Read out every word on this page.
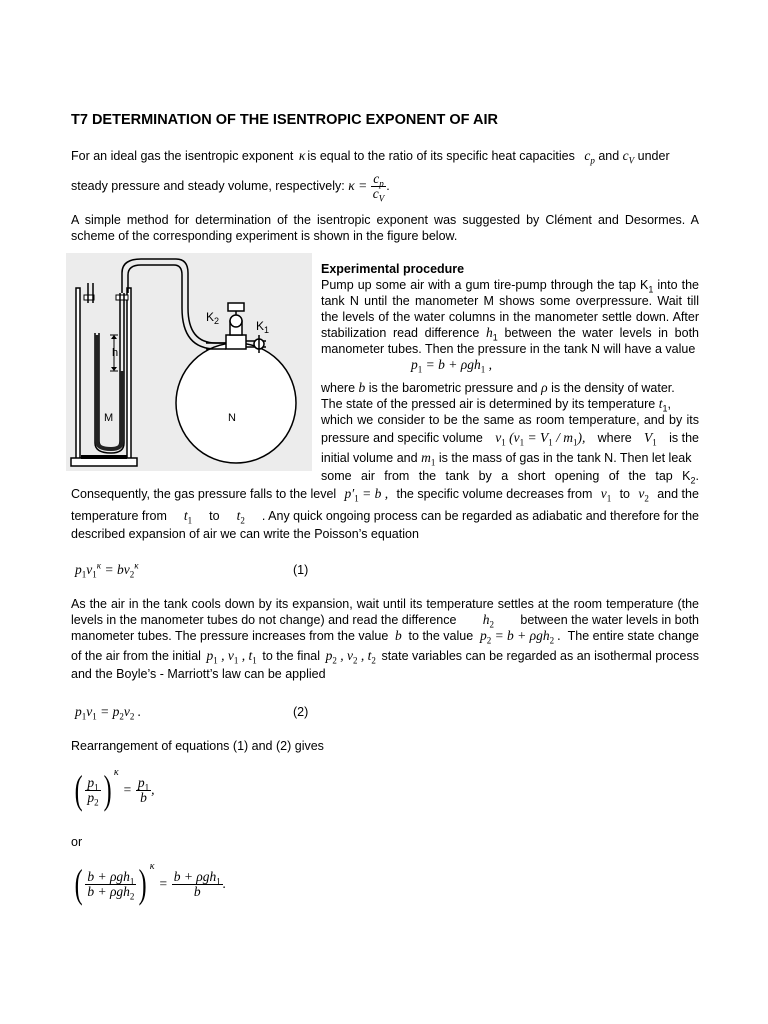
T7 DETERMINATION OF THE ISENTROPIC EXPONENT OF AIR
For an ideal gas the isentropic exponent κ is equal to the ratio of its specific heat capacities $c_p$ and $c_V$ under
steady pressure and steady volume, respectively: $\kappa = \frac{c_p}{c_V}$ .
A simple method for determination of the isentropic exponent was suggested by Clément and Desormes. A
scheme of the corresponding experiment is shown in the figure below.
$K_2$	$K_1$
h
M	N
Experimental procedure
Pump up some air with a gum tire-pump through the tap $K_1$ into the
tank N until the manometer M shows some overpressure. Wait till
the levels of the water columns in the manometer settle down. After
stabilization read difference $h_1$ between the water levels in both
manometer tubes. Then the pressure in the tank N will have a value
$p_1 = b + \rho gh_1$ ,
where b is the barometric pressure and ρ is the density of water.
The state of the pressed air is determined by its temperature $t_1$,
which we consider to be the same as room temperature, and by its
pressure and specific volume $v_1$ $(v_1 = V_1 / m_1)$, where $V_1$ is the
initial volume and $m_1$ is the mass of gas in the tank N. Then let leak
some air from the tank by a short opening of the tap $K_2$.
Consequently, the gas pressure falls to the level $p'_1 = b$ , the specific volume decreases from $v_1$ to $v_2$ and the
temperature from $t_1$ to $t_2$ . Any quick ongoing process can be regarded as adiabatic and therefore for the
described expansion of air we can write the Poisson’s equation
$p_1v_1^\kappa = bv_2^\kappa$	(1)
As the air in the tank cools down by its expansion, wait until its temperature settles at the room temperature (the
levels in the manometer tubes do not change) and read the difference $h_2$ between the water levels in both
manometer tubes. The pressure increases from the value b to the value $p_2 = b + \rho gh_2$ . The entire state change
of the air from the initial $p_1$ , $v_1$ , $t_1$ to the final $p_2$ , $v_2$ , $t_2$ state variables can be regarded as an isothermal process
and the Boyle’s - Marriott’s law can be applied
$p_1v_1 = p_2v_2$ .	(2)
Rearrangement of equations (1) and (2) gives
( $\frac{p_1}{p_2}$ ) κ
= $\frac{p_1}{b}$ ,
or
( $\frac{b + \rho gh_1}{b + \rho gh_2}$ ) κ
= $\frac{b + \rho gh_1}{b}$ .
